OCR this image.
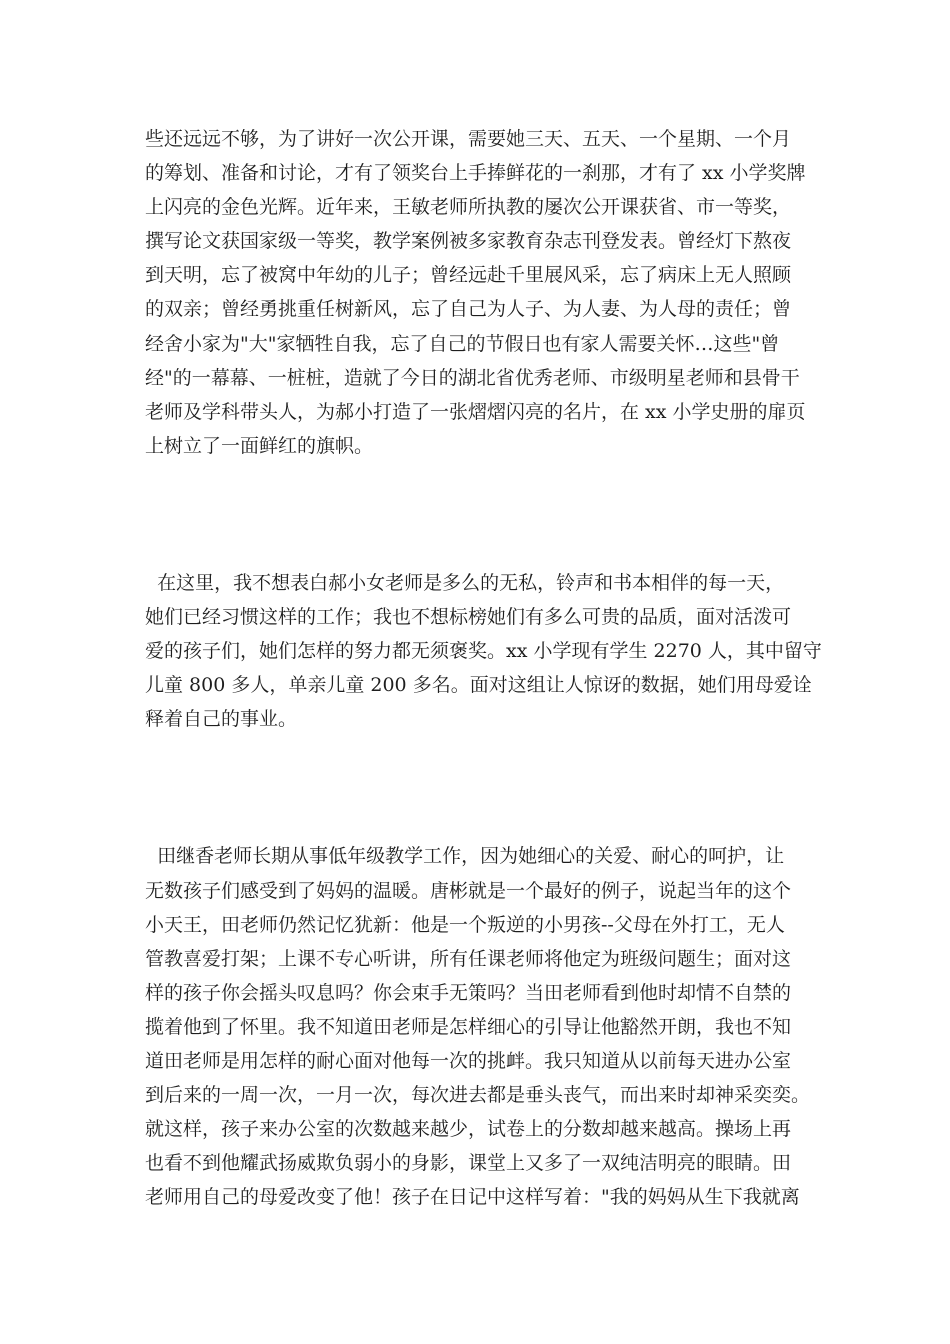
些还远远不够，为了讲好一次公开课，需要她三天、五天、一个星期、一个月
的筹划、准备和讨论，才有了领奖台上手捧鲜花的一刹那，才有了 xx 小学奖牌
上闪亮的金色光辉。近年来，王敏老师所执教的屡次公开课获省、市一等奖，
撰写论文获国家级一等奖，教学案例被多家教育杂志刊登发表。曾经灯下熬夜
到天明，忘了被窝中年幼的儿子；曾经远赴千里展风采，忘了病床上无人照顾
的双亲；曾经勇挑重任树新风，忘了自己为人子、为人妻、为人母的责任；曾
经舍小家为"大"家牺牲自我，忘了自己的节假日也有家人需要关怀…这些"曾
经"的一幕幕、一桩桩，造就了今日的湖北省优秀老师、市级明星老师和县骨干
老师及学科带头人，为郝小打造了一张熠熠闪亮的名片，在 xx 小学史册的扉页
上树立了一面鲜红的旗帜。
在这里，我不想表白郝小女老师是多么的无私，铃声和书本相伴的每一天，
她们已经习惯这样的工作；我也不想标榜她们有多么可贵的品质，面对活泼可
爱的孩子们，她们怎样的努力都无须褒奖。xx 小学现有学生 2270 人，其中留守
儿童 800 多人，单亲儿童 200 多名。面对这组让人惊讶的数据，她们用母爱诠
释着自己的事业。
田继香老师长期从事低年级教学工作，因为她细心的关爱、耐心的呵护，让
无数孩子们感受到了妈妈的温暖。唐彬就是一个最好的例子，说起当年的这个
小天王，田老师仍然记忆犹新：他是一个叛逆的小男孩--父母在外打工，无人
管教喜爱打架；上课不专心听讲，所有任课老师将他定为班级问题生；面对这
样的孩子你会摇头叹息吗？你会束手无策吗？当田老师看到他时却情不自禁的
揽着他到了怀里。我不知道田老师是怎样细心的引导让他豁然开朗，我也不知
道田老师是用怎样的耐心面对他每一次的挑衅。我只知道从以前每天进办公室
到后来的一周一次，一月一次，每次进去都是垂头丧气，而出来时却神采奕奕。
就这样，孩子来办公室的次数越来越少，试卷上的分数却越来越高。操场上再
也看不到他耀武扬威欺负弱小的身影，课堂上又多了一双纯洁明亮的眼睛。田
老师用自己的母爱改变了他！孩子在日记中这样写着："我的妈妈从生下我就离
